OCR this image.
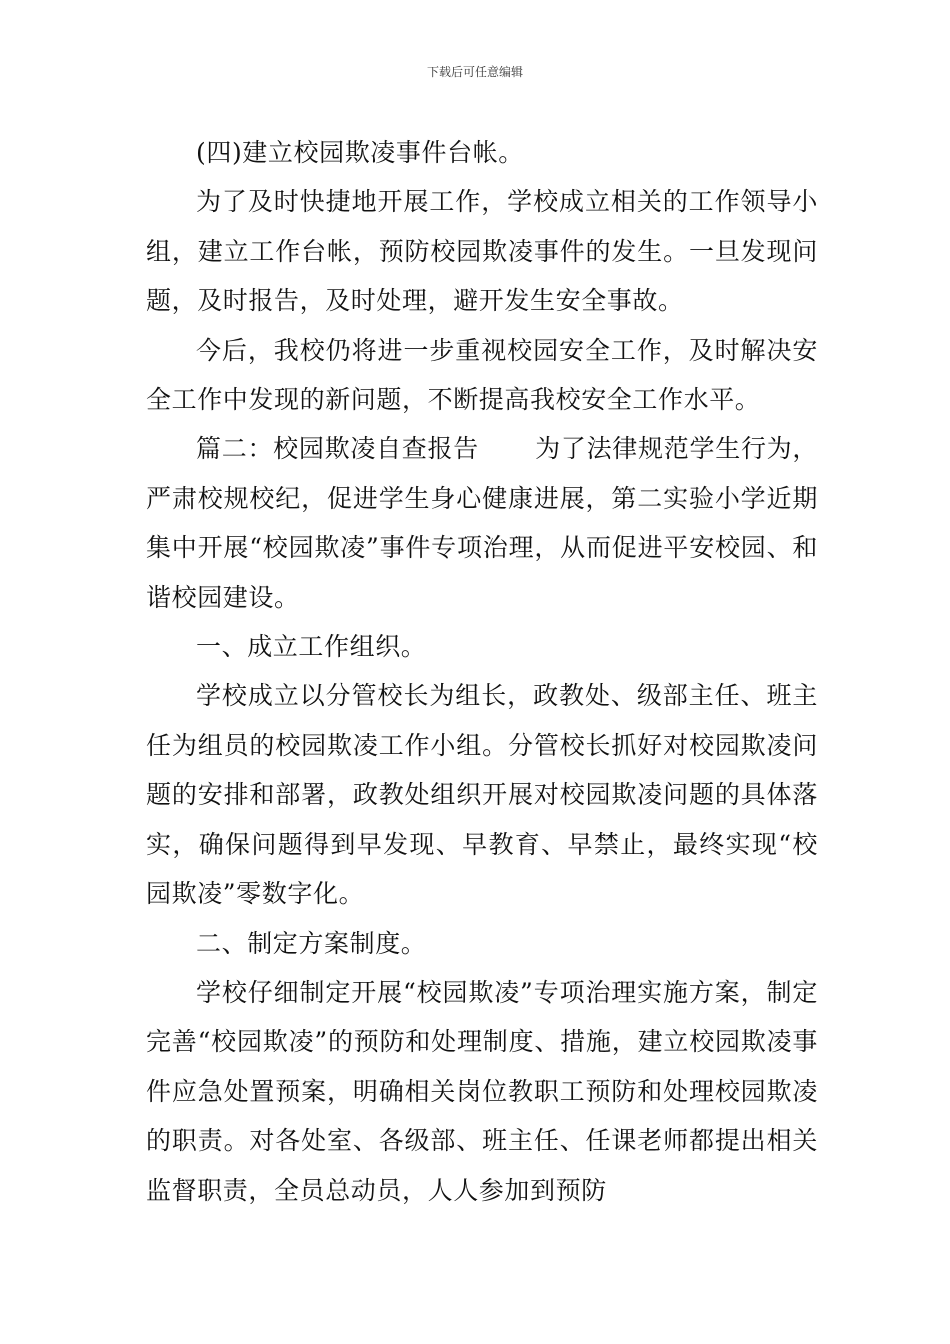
下载后可任意编辑

(四)建立校园欺凌事件台帐。

为了及时快捷地开展工作，学校成立相关的工作领导小组，建立工作台帐，预防校园欺凌事件的发生。一旦发现问题，及时报告，及时处理，避开发生安全事故。

今后，我校仍将进一步重视校园安全工作，及时解决安全工作中发现的新问题，不断提高我校安全工作水平。

篇二：校园欺凌自查报告 为了法律规范学生行为，严肃校规校纪，促进学生身心健康进展，第二实验小学近期集中开展“校园欺凌”事件专项治理，从而促进平安校园、和谐校园建设。

一、成立工作组织。

学校成立以分管校长为组长，政教处、级部主任、班主任为组员的校园欺凌工作小组。分管校长抓好对校园欺凌问题的安排和部署，政教处组织开展对校园欺凌问题的具体落实，确保问题得到早发现、早教育、早禁止，最终实现“校园欺凌”零数字化。

二、制定方案制度。

学校仔细制定开展“校园欺凌”专项治理实施方案，制定完善“校园欺凌”的预防和处理制度、措施，建立校园欺凌事件应急处置预案，明确相关岗位教职工预防和处理校园欺凌的职责。对各处室、各级部、班主任、任课老师都提出相关监督职责，全员总动员，人人参加到预防
